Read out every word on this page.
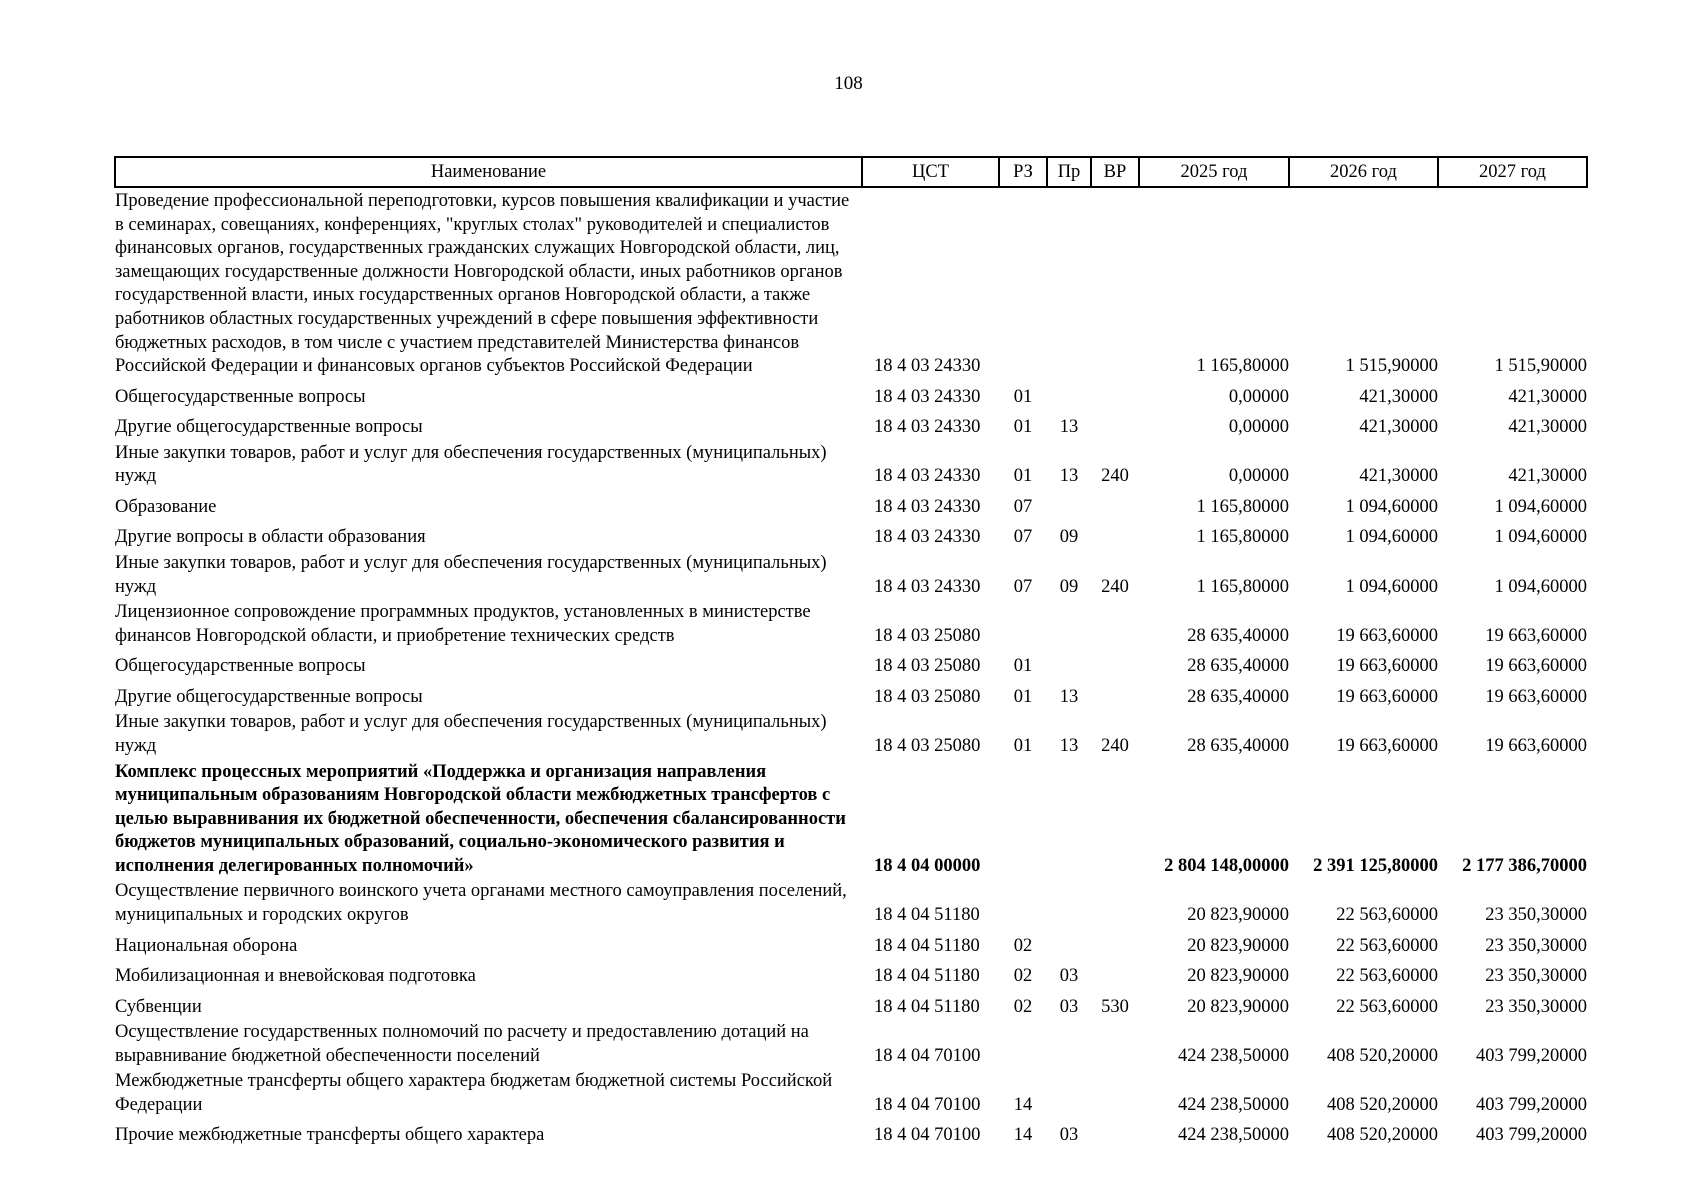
108
Наименование	ЦСТ	РЗ	Пр	ВР	2025 год	2026 год	2027 год
Проведение профессиональной переподготовки, курсов повышения квалификации и участие в семинарах, совещаниях, конференциях, "круглых столах" руководителей и специалистов финансовых органов, государственных гражданских служащих Новгородской области, лиц, замещающих государственные должности Новгородской области, иных работников органов государственной власти, иных государственных органов Новгородской области, а также работников областных государственных учреждений в сфере повышения эффективности бюджетных расходов, в том числе с участием представителей Министерства финансов Российской Федерации и финансовых органов субъектов Российской Федерации	18 4 03 24330				1 165,80000	1 515,90000	1 515,90000
Общегосударственные вопросы	18 4 03 24330	01			0,00000	421,30000	421,30000
Другие общегосударственные вопросы	18 4 03 24330	01	13		0,00000	421,30000	421,30000
Иные закупки товаров, работ и услуг для обеспечения государственных (муниципальных) нужд	18 4 03 24330	01	13	240	0,00000	421,30000	421,30000
Образование	18 4 03 24330	07			1 165,80000	1 094,60000	1 094,60000
Другие вопросы в области образования	18 4 03 24330	07	09		1 165,80000	1 094,60000	1 094,60000
Иные закупки товаров, работ и услуг для обеспечения государственных (муниципальных) нужд	18 4 03 24330	07	09	240	1 165,80000	1 094,60000	1 094,60000
Лицензионное сопровождение программных продуктов, установленных в министерстве финансов Новгородской области, и приобретение технических средств	18 4 03 25080				28 635,40000	19 663,60000	19 663,60000
Общегосударственные вопросы	18 4 03 25080	01			28 635,40000	19 663,60000	19 663,60000
Другие общегосударственные вопросы	18 4 03 25080	01	13		28 635,40000	19 663,60000	19 663,60000
Иные закупки товаров, работ и услуг для обеспечения государственных (муниципальных) нужд	18 4 03 25080	01	13	240	28 635,40000	19 663,60000	19 663,60000
Комплекс процессных мероприятий «Поддержка и организация направления муниципальным образованиям Новгородской области межбюджетных трансфертов с целью выравнивания их бюджетной обеспеченности, обеспечения сбалансированности бюджетов муниципальных образований, социально-экономического развития и исполнения делегированных полномочий»	18 4 04 00000				2 804 148,00000	2 391 125,80000	2 177 386,70000
Осуществление первичного воинского учета органами местного самоуправления поселений, муниципальных и городских округов	18 4 04 51180				20 823,90000	22 563,60000	23 350,30000
Национальная оборона	18 4 04 51180	02			20 823,90000	22 563,60000	23 350,30000
Мобилизационная и вневойсковая подготовка	18 4 04 51180	02	03		20 823,90000	22 563,60000	23 350,30000
Субвенции	18 4 04 51180	02	03	530	20 823,90000	22 563,60000	23 350,30000
Осуществление государственных полномочий по расчету и предоставлению дотаций на выравнивание бюджетной обеспеченности поселений	18 4 04 70100				424 238,50000	408 520,20000	403 799,20000
Межбюджетные трансферты общего характера бюджетам бюджетной системы Российской Федерации	18 4 04 70100	14			424 238,50000	408 520,20000	403 799,20000
Прочие межбюджетные трансферты общего характера	18 4 04 70100	14	03		424 238,50000	408 520,20000	403 799,20000
